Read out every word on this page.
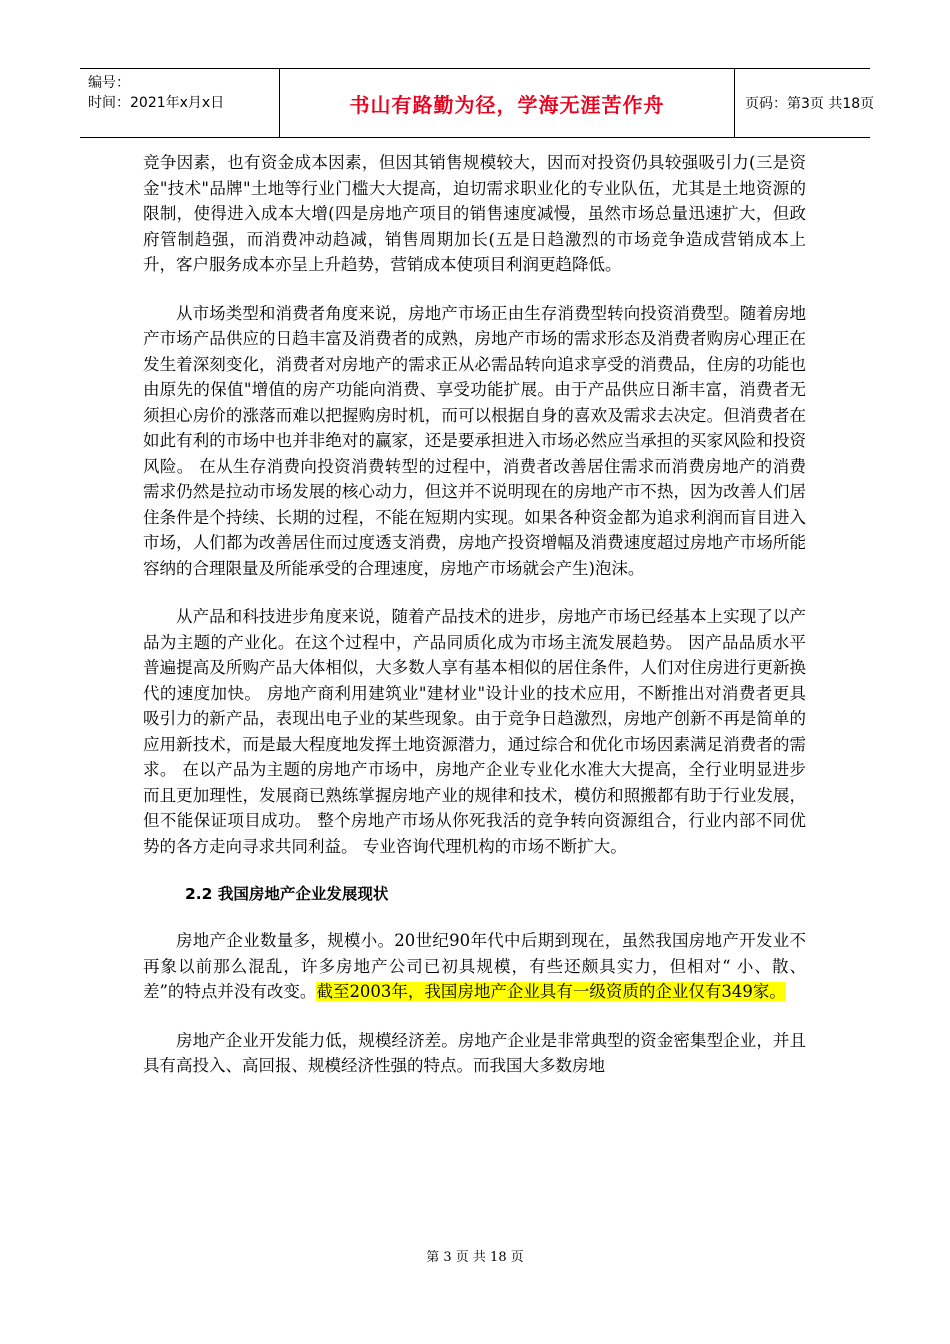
编号：
时间：2021年x月x日	书山有路勤为径，学海无涯苦作舟	页码：第3页 共18页

竞争因素，也有资金成本因素，但因其销售规模较大，因而对投资仍具较强吸引力(三是资金"技术"品牌"土地等行业门槛大大提高，迫切需求职业化的专业队伍，尤其是土地资源的限制，使得进入成本大增(四是房地产项目的销售速度减慢，虽然市场总量迅速扩大，但政府管制趋强，而消费冲动趋减，销售周期加长(五是日趋激烈的市场竞争造成营销成本上升，客户服务成本亦呈上升趋势，营销成本使项目利润更趋降低。

从市场类型和消费者角度来说，房地产市场正由生存消费型转向投资消费型。随着房地产市场产品供应的日趋丰富及消费者的成熟，房地产市场的需求形态及消费者购房心理正在发生着深刻变化，消费者对房地产的需求正从必需品转向追求享受的消费品，住房的功能也由原先的保值"增值的房产功能向消费、享受功能扩展。由于产品供应日渐丰富，消费者无须担心房价的涨落而难以把握购房时机，而可以根据自身的喜欢及需求去决定。但消费者在如此有利的市场中也并非绝对的赢家，还是要承担进入市场必然应当承担的买家风险和投资风险。 在从生存消费向投资消费转型的过程中，消费者改善居住需求而消费房地产的消费需求仍然是拉动市场发展的核心动力，但这并不说明现在的房地产市不热，因为改善人们居住条件是个持续、长期的过程，不能在短期内实现。如果各种资金都为追求利润而盲目进入市场，人们都为改善居住而过度透支消费，房地产投资增幅及消费速度超过房地产市场所能容纳的合理限量及所能承受的合理速度，房地产市场就会产生)泡沫。

从产品和科技进步角度来说，随着产品技术的进步，房地产市场已经基本上实现了以产品为主题的产业化。在这个过程中，产品同质化成为市场主流发展趋势。 因产品品质水平普遍提高及所购产品大体相似，大多数人享有基本相似的居住条件，人们对住房进行更新换代的速度加快。 房地产商利用建筑业"建材业"设计业的技术应用，不断推出对消费者更具吸引力的新产品，表现出电子业的某些现象。由于竞争日趋激烈，房地产创新不再是简单的应用新技术，而是最大程度地发挥土地资源潜力，通过综合和优化市场因素满足消费者的需求。 在以产品为主题的房地产市场中，房地产企业专业化水准大大提高，全行业明显进步而且更加理性，发展商已熟练掌握房地产业的规律和技术，模仿和照搬都有助于行业发展，但不能保证项目成功。 整个房地产市场从你死我活的竞争转向资源组合，行业内部不同优势的各方走向寻求共同利益。 专业咨询代理机构的市场不断扩大。

2.2 我国房地产企业发展现状

房地产企业数量多，规模小。20世纪90年代中后期到现在，虽然我国房地产开发业不再象以前那么混乱，许多房地产公司已初具规模，有些还颇具实力，但相对“ 小、散、差”的特点并没有改变。截至2003年，我国房地产企业具有一级资质的企业仅有349家。

房地产企业开发能力低，规模经济差。房地产企业是非常典型的资金密集型企业，并且具有高投入、高回报、规模经济性强的特点。而我国大多数房地

第 3 页 共 18 页
